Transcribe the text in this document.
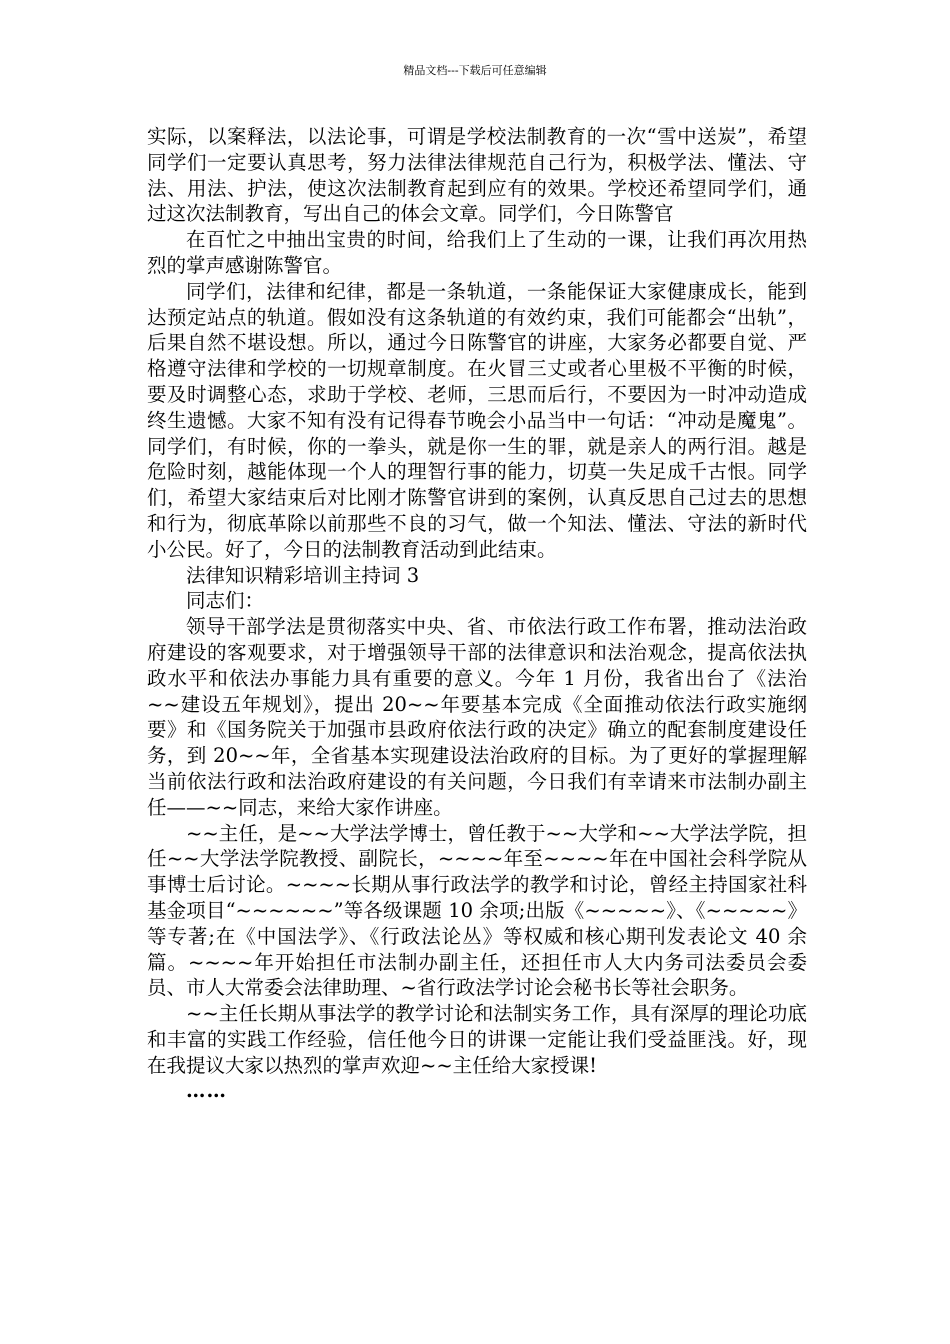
精品文档---下载后可任意编辑

实际，以案释法，以法论事，可谓是学校法制教育的一次“雪中送炭”，希望同学们一定要认真思考，努力法律法律规范自己行为，积极学法、懂法、守法、用法、护法，使这次法制教育起到应有的效果。学校还希望同学们，通过这次法制教育，写出自己的体会文章。同学们，今日陈警官

在百忙之中抽出宝贵的时间，给我们上了生动的一课，让我们再次用热烈的掌声感谢陈警官。

同学们，法律和纪律，都是一条轨道，一条能保证大家健康成长，能到达预定站点的轨道。假如没有这条轨道的有效约束，我们可能都会“出轨”，后果自然不堪设想。所以，通过今日陈警官的讲座，大家务必都要自觉、严格遵守法律和学校的一切规章制度。在火冒三丈或者心里极不平衡的时候，要及时调整心态，求助于学校、老师，三思而后行，不要因为一时冲动造成终生遗憾。大家不知有没有记得春节晚会小品当中一句话：“冲动是魔鬼”。同学们，有时候，你的一拳头，就是你一生的罪，就是亲人的两行泪。越是危险时刻，越能体现一个人的理智行事的能力，切莫一失足成千古恨。同学们，希望大家结束后对比刚才陈警官讲到的案例，认真反思自己过去的思想和行为，彻底革除以前那些不良的习气，做一个知法、懂法、守法的新时代小公民。好了，今日的法制教育活动到此结束。

法律知识精彩培训主持词 3

同志们：

领导干部学法是贯彻落实中央、省、市依法行政工作布署，推动法治政府建设的客观要求，对于增强领导干部的法律意识和法治观念，提高依法执政水平和依法办事能力具有重要的意义。今年 1 月份，我省出台了《法治~~建设五年规划》，提出 20~~年要基本完成《全面推动依法行政实施纲要》和《国务院关于加强市县政府依法行政的决定》确立的配套制度建设任务，到 20~~年，全省基本实现建设法治政府的目标。为了更好的掌握理解当前依法行政和法治政府建设的有关问题，今日我们有幸请来市法制办副主任——~~同志，来给大家作讲座。

~~主任，是~~大学法学博士，曾任教于~~大学和~~大学法学院，担任~~大学法学院教授、副院长，~~~~年至~~~~年在中国社会科学院从事博士后讨论。~~~~长期从事行政法学的教学和讨论，曾经主持国家社科基金项目“~~~~~~”等各级课题 10 余项;出版《~~~~~》、《~~~~~》等专著;在《中国法学》、《行政法论丛》等权威和核心期刊发表论文 40 余篇。~~~~年开始担任市法制办副主任，还担任市人大内务司法委员会委员、市人大常委会法律助理、~省行政法学讨论会秘书长等社会职务。

~~主任长期从事法学的教学讨论和法制实务工作，具有深厚的理论功底和丰富的实践工作经验，信任他今日的讲课一定能让我们受益匪浅。好，现在我提议大家以热烈的掌声欢迎~~主任给大家授课!

……
